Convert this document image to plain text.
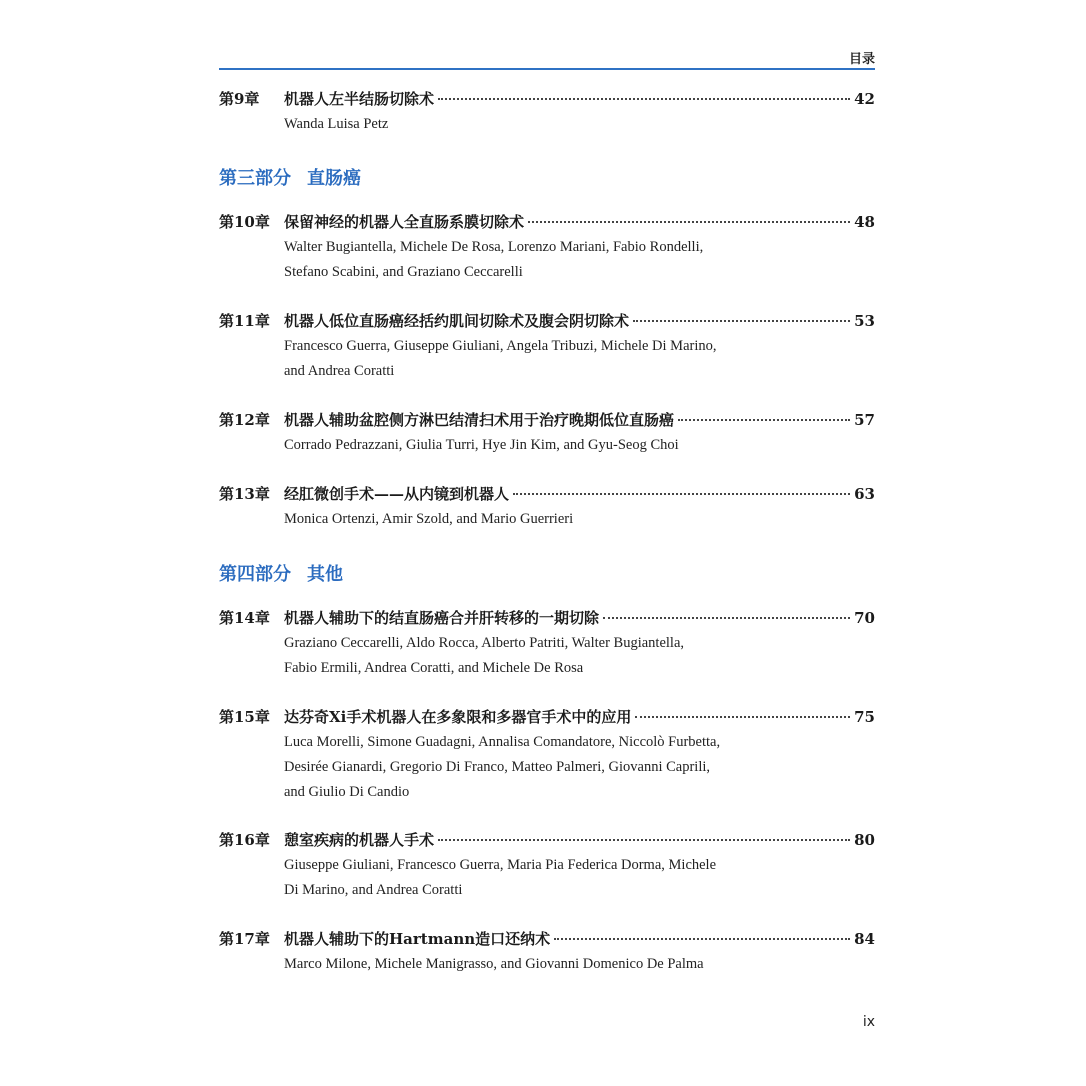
目录
第9章	机器人左半结肠切除术	42
Wanda Luisa Petz
第三部分 直肠癌
第10章 保留神经的机器人全直肠系膜切除术	48
Walter Bugiantella, Michele De Rosa, Lorenzo Mariani, Fabio Rondelli,
Stefano Scabini, and Graziano Ceccarelli
第11章 机器人低位直肠癌经括约肌间切除术及腹会阴切除术	53
Francesco Guerra, Giuseppe Giuliani, Angela Tribuzi, Michele Di Marino,
and Andrea Coratti
第12章 机器人辅助盆腔侧方淋巴结清扫术用于治疗晚期低位直肠癌	57
Corrado Pedrazzani, Giulia Turri, Hye Jin Kim, and Gyu-Seog Choi
第13章 经肛微创手术——从内镜到机器人	63
Monica Ortenzi, Amir Szold, and Mario Guerrieri
第四部分 其他
第14章 机器人辅助下的结直肠癌合并肝转移的一期切除	70
Graziano Ceccarelli, Aldo Rocca, Alberto Patriti, Walter Bugiantella,
Fabio Ermili, Andrea Coratti, and Michele De Rosa
第15章 达芬奇Xi手术机器人在多象限和多器官手术中的应用	75
Luca Morelli, Simone Guadagni, Annalisa Comandatore, Niccolò Furbetta,
Desirée Gianardi, Gregorio Di Franco, Matteo Palmeri, Giovanni Caprili,
and Giulio Di Candio
第16章 憩室疾病的机器人手术	80
Giuseppe Giuliani, Francesco Guerra, Maria Pia Federica Dorma, Michele
Di Marino, and Andrea Coratti
第17章 机器人辅助下的Hartmann造口还纳术	84
Marco Milone, Michele Manigrasso, and Giovanni Domenico De Palma
ix
